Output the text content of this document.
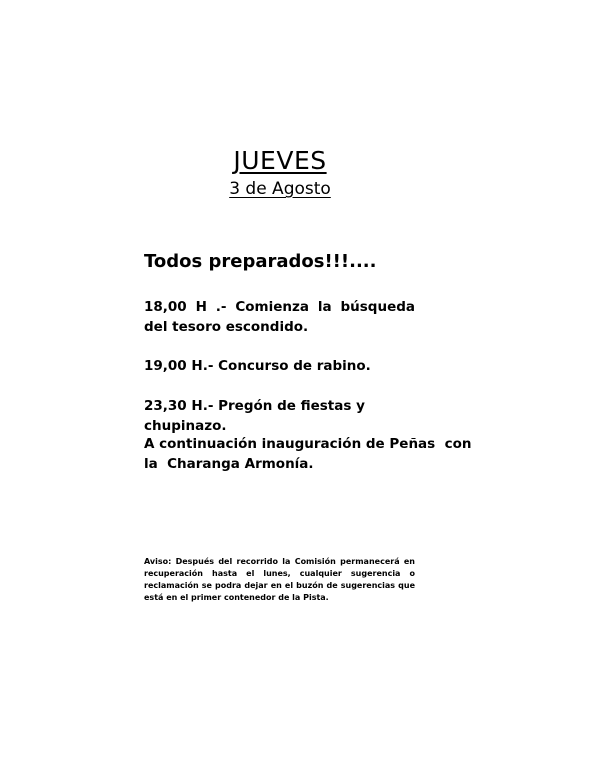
JUEVES
3 de Agosto

Todos preparados!!!....

18,00 H .- Comienza la búsqueda del tesoro escondido.

19,00 H.- Concurso de rabino.

23,30 H.- Pregón de fiestas y chupinazo.

A continuación inauguración de Peñas  con
la  Charanga Armonía.

Aviso: Después del recorrido la Comisión permanecerá en recuperación hasta el lunes, cualquier sugerencia o reclamación se podra dejar en el buzón de sugerencias que está en el primer contenedor de la Pista.
